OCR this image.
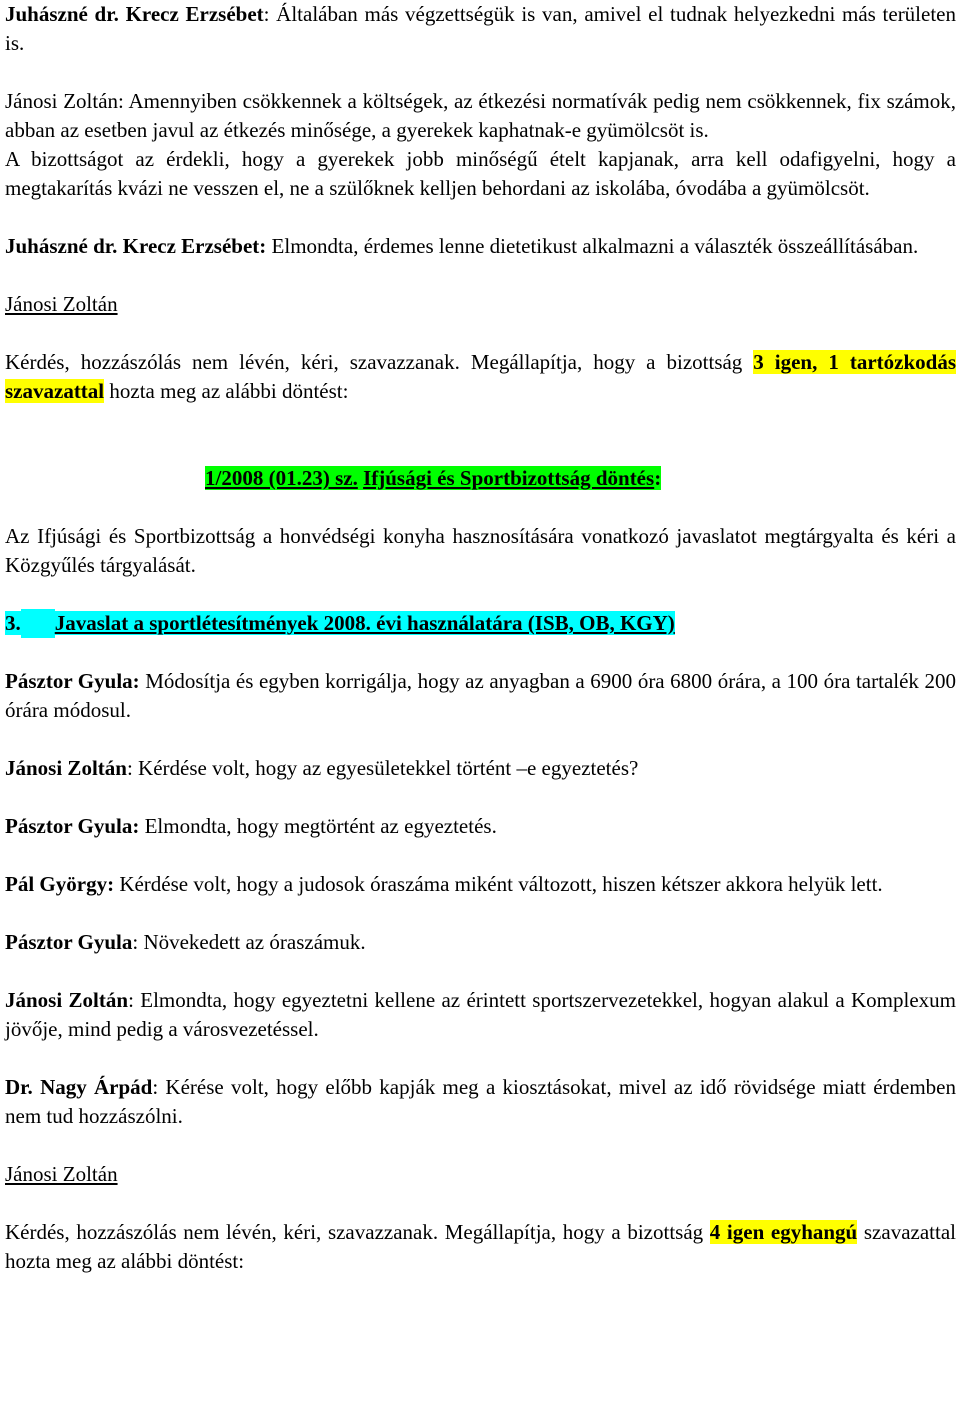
Juhászné dr. Krecz Erzsébet: Általában más végzettségük is van, amivel el tudnak helyezkedni más területen is.

Jánosi Zoltán: Amennyiben csökkennek a költségek, az étkezési normatívák pedig nem csökkennek, fix számok, abban az esetben javul az étkezés minősége, a gyerekek kaphatnak-e gyümölcsöt is.

A bizottságot az érdekli, hogy a gyerekek jobb minőségű ételt kapjanak, arra kell odafigyelni, hogy a megtakarítás kvázi ne vesszen el, ne a szülőknek kelljen behordani az iskolába, óvodába a gyümölcsöt.

Juhászné dr. Krecz Erzsébet: Elmondta, érdemes lenne dietetikust alkalmazni a választék összeállításában.

Jánosi Zoltán

Kérdés, hozzászólás nem lévén, kéri, szavazzanak. Megállapítja, hogy a bizottság 3 igen, 1 tartózkodás szavazattal hozta meg az alábbi döntést:

1/2008 (01.23) sz. Ifjúsági és Sportbizottság döntés:

Az Ifjúsági és Sportbizottság a honvédségi konyha hasznosítására vonatkozó javaslatot megtárgyalta és kéri a Közgyűlés tárgyalását.

3. Javaslat a sportlétesítmények 2008. évi használatára (ISB, OB, KGY)

Pásztor Gyula: Módosítja és egyben korrigálja, hogy az anyagban a 6900 óra 6800 órára, a 100 óra tartalék 200 órára módosul.

Jánosi Zoltán: Kérdése volt, hogy az egyesületekkel történt –e egyeztetés?

Pásztor Gyula: Elmondta, hogy megtörtént az egyeztetés.

Pál György: Kérdése volt, hogy a judosok óraszáma miként változott, hiszen kétszer akkora helyük lett.

Pásztor Gyula: Növekedett az óraszámuk.

Jánosi Zoltán: Elmondta, hogy egyeztetni kellene az érintett sportszervezetekkel, hogyan alakul a Komplexum jövője, mind pedig a városvezetéssel.

Dr. Nagy Árpád: Kérése volt, hogy előbb kapják meg a kiosztásokat, mivel az idő rövidsége miatt érdemben nem tud hozzászólni.

Jánosi Zoltán

Kérdés, hozzászólás nem lévén, kéri, szavazzanak. Megállapítja, hogy a bizottság 4 igen egyhangú szavazattal hozta meg az alábbi döntést:
